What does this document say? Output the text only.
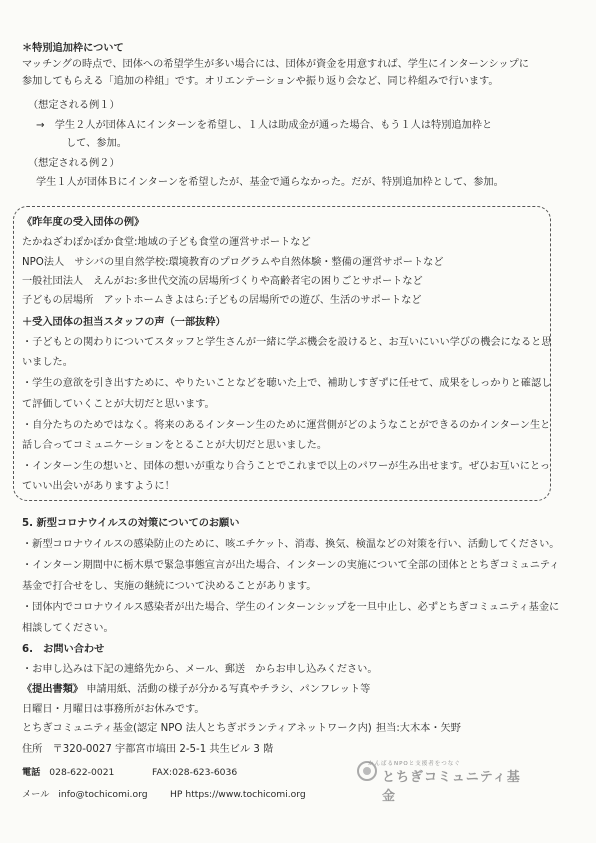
＊特別追加枠について
マッチングの時点で、団体への希望学生が多い場合には、団体が資金を用意すれば、学生にインターンシップに
参加してもらえる「追加の枠組」です。オリエンテーションや振り返り会など、同じ枠組みで行います。
（想定される例１）
→　学生２人が団体Ａにインターンを希望し、１人は助成金が通った場合、もう１人は特別追加枠と
して、参加。
（想定される例２）
学生１人が団体Ｂにインターンを希望したが、基金で通らなかった。だが、特別追加枠として、参加。
《昨年度の受入団体の例》
たかねざわぽかぽか食堂:地域の子ども食堂の運営サポートなど
NPO法人　サシバの里自然学校:環境教育のプログラムや自然体験・整備の運営サポートなど
一般社団法人　えんがお:多世代交流の居場所づくりや高齢者宅の困りごとサポートなど
子どもの居場所　アットホームきよはら:子どもの居場所での遊び、生活のサポートなど
＋受入団体の担当スタッフの声（一部抜粋）
・子どもとの関わりについてスタッフと学生さんが一緒に学ぶ機会を設けると、お互いにいい学びの機会になると思
いました。
・学生の意欲を引き出すために、やりたいことなどを聴いた上で、補助しすぎずに任せて、成果をしっかりと確認し
て評価していくことが大切だと思います。
・自分たちのためではなく。将来のあるインターン生のために運営側がどのようなことができるのかインターン生と
話し合ってコミュニケーションをとることが大切だと思いました。
・インターン生の想いと、団体の想いが重なり合うことでこれまで以上のパワーが生み出せます。ぜひお互いにとっ
ていい出会いがありますように！
5. 新型コロナウイルスの対策についてのお願い
・新型コロナウイルスの感染防止のために、咳エチケット、消毒、換気、検温などの対策を行い、活動してください。
・インターン期間中に栃木県で緊急事態宣言が出た場合、インターンの実施について全部の団体ととちぎコミュニティ
基金で打合せをし、実施の継続について決めることがあります。
・団体内でコロナウイルス感染者が出た場合、学生のインターンシップを一旦中止し、必ずとちぎコミュニティ基金に
相談してください。
6.　お問い合わせ
・お申し込みは下記の連絡先から、メール、郵送　からお申し込みください。
《提出書類》 申請用紙、活動の様子が分かる写真やチラシ、パンフレット等
日曜日・月曜日は事務所がお休みです。
とちぎコミュニティ基金(認定 NPO 法人とちぎボランティアネットワーク内) 担当:大木本・矢野
住所　〒320-0027 宇都宮市塙田 2-5-1 共生ビル 3 階
電話 028-622-0021	FAX:028-623-6036
メール info@tochicomi.org HP https://www.tochicomi.org
とちぎコミュニティ基金
かんばるNPOと支援者をつなぐ
